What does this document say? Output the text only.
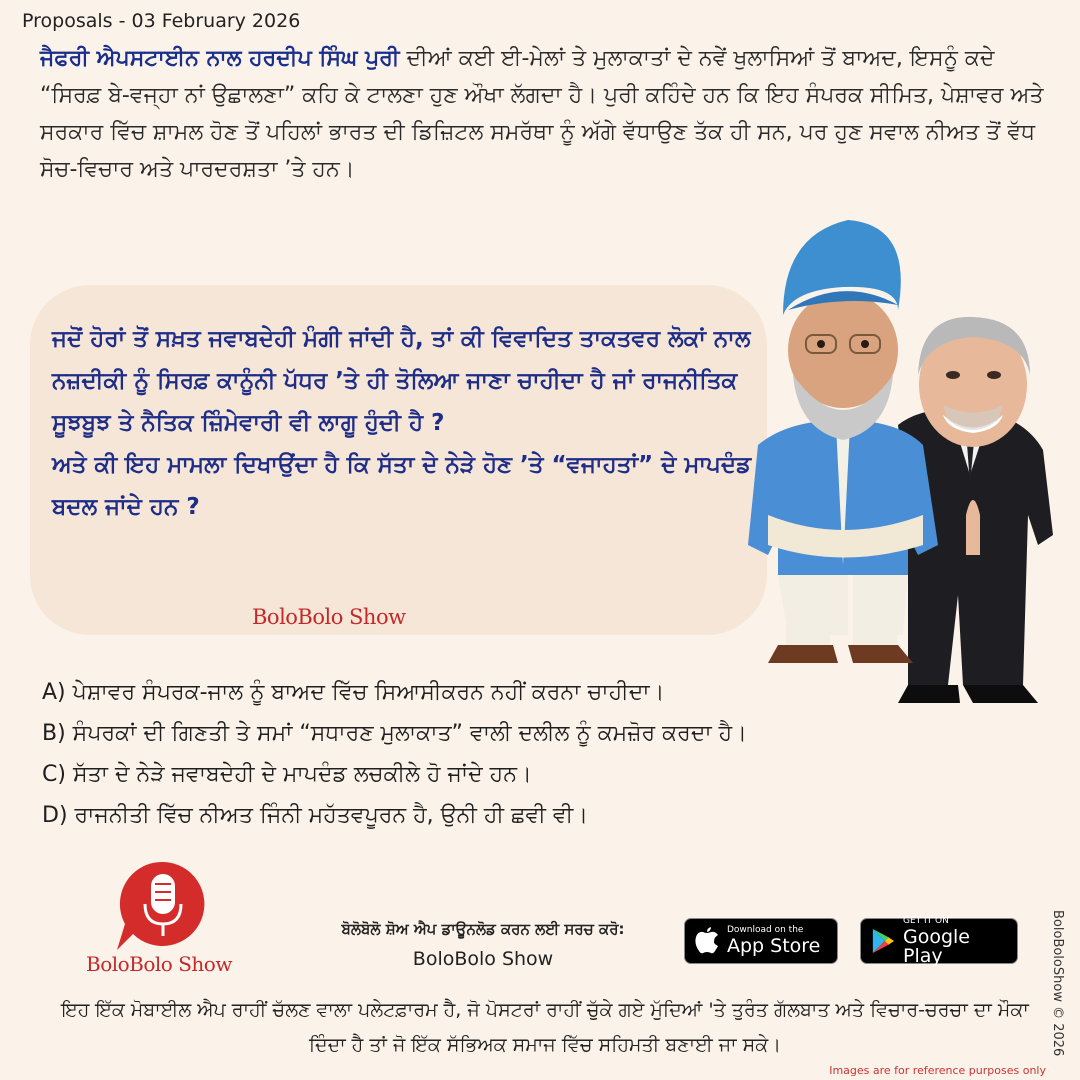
Proposals - 03 February 2026
ਜੈਫਰੀ ਐਪਸਟਾਈਨ ਨਾਲ ਹਰਦੀਪ ਸਿੰਘ ਪੁਰੀ ਦੀਆਂ ਕਈ ਈ-ਮੇਲਾਂ ਤੇ ਮੁਲਾਕਾਤਾਂ ਦੇ ਨਵੇਂ ਖੁਲਾਸਿਆਂ ਤੋਂ ਬਾਅਦ, ਇਸਨੂੰ ਕਦੇ “ਸਿਰਫ਼ ਬੇ-ਵਜ੍ਹਾ ਨਾਂ ਉਛਾਲਣਾ” ਕਹਿ ਕੇ ਟਾਲਣਾ ਹੁਣ ਔਖਾ ਲੱਗਦਾ ਹੈ। ਪੁਰੀ ਕਹਿੰਦੇ ਹਨ ਕਿ ਇਹ ਸੰਪਰਕ ਸੀਮਿਤ, ਪੇਸ਼ਾਵਰ ਅਤੇ ਸਰਕਾਰ ਵਿੱਚ ਸ਼ਾਮਲ ਹੋਣ ਤੋਂ ਪਹਿਲਾਂ ਭਾਰਤ ਦੀ ਡਿਜ਼ਿਟਲ ਸਮਰੱਥਾ ਨੂੰ ਅੱਗੇ ਵੱਧਾਉਣ ਤੱਕ ਹੀ ਸਨ, ਪਰ ਹੁਣ ਸਵਾਲ ਨੀਅਤ ਤੋਂ ਵੱਧ ਸੋਚ-ਵਿਚਾਰ ਅਤੇ ਪਾਰਦਰਸ਼ਤਾ ’ਤੇ ਹਨ।

ਜਦੋਂ ਹੋਰਾਂ ਤੋਂ ਸਖ਼ਤ ਜਵਾਬਦੇਹੀ ਮੰਗੀ ਜਾਂਦੀ ਹੈ, ਤਾਂ ਕੀ ਵਿਵਾਦਿਤ ਤਾਕਤਵਰ ਲੋਕਾਂ ਨਾਲ ਨਜ਼ਦੀਕੀ ਨੂੰ ਸਿਰਫ਼ ਕਾਨੂੰਨੀ ਪੱਧਰ ’ਤੇ ਹੀ ਤੋਲਿਆ ਜਾਣਾ ਚਾਹੀਦਾ ਹੈ ਜਾਂ ਰਾਜਨੀਤਿਕ ਸੂਝਬੂਝ ਤੇ ਨੈਤਿਕ ਜ਼ਿੰਮੇਵਾਰੀ ਵੀ ਲਾਗੂ ਹੁੰਦੀ ਹੈ ?

ਅਤੇ ਕੀ ਇਹ ਮਾਮਲਾ ਦਿਖਾਉਂਦਾ ਹੈ ਕਿ ਸੱਤਾ ਦੇ ਨੇੜੇ ਹੋਣ ’ਤੇ “ਵਜਾਹਤਾਂ” ਦੇ ਮਾਪਦੰਡ ਬਦਲ ਜਾਂਦੇ ਹਨ ?

BoloBolo Show
A) ਪੇਸ਼ਾਵਰ ਸੰਪਰਕ-ਜਾਲ ਨੂੰ ਬਾਅਦ ਵਿੱਚ ਸਿਆਸੀਕਰਨ ਨਹੀਂ ਕਰਨਾ ਚਾਹੀਦਾ।
B) ਸੰਪਰਕਾਂ ਦੀ ਗਿਣਤੀ ਤੇ ਸਮਾਂ “ਸਧਾਰਣ ਮੁਲਾਕਾਤ” ਵਾਲੀ ਦਲੀਲ ਨੂੰ ਕਮਜ਼ੋਰ ਕਰਦਾ ਹੈ।
C) ਸੱਤਾ ਦੇ ਨੇੜੇ ਜਵਾਬਦੇਹੀ ਦੇ ਮਾਪਦੰਡ ਲਚਕੀਲੇ ਹੋ ਜਾਂਦੇ ਹਨ।
D) ਰਾਜਨੀਤੀ ਵਿੱਚ ਨੀਅਤ ਜਿੰਨੀ ਮਹੱਤਵਪੂਰਨ ਹੈ, ਉਨੀ ਹੀ ਛਵੀ ਵੀ।
BoloBolo Show
ਬੋਲੋਬੋਲੋ ਸ਼ੋਅ ਐਪ ਡਾਊਨਲੋਡ ਕਰਨ ਲਈ ਸਰਚ ਕਰੋ:
BoloBolo Show
Download on the
App Store
GET IT ON
Google Play
ਇਹ ਇੱਕ ਮੋਬਾਈਲ ਐਪ ਰਾਹੀਂ ਚੱਲਣ ਵਾਲਾ ਪਲੇਟਫ਼ਾਰਮ ਹੈ, ਜੋ ਪੋਸਟਰਾਂ ਰਾਹੀਂ ਚੁੱਕੇ ਗਏ ਮੁੱਦਿਆਂ 'ਤੇ ਤੁਰੰਤ ਗੱਲਬਾਤ ਅਤੇ ਵਿਚਾਰ-ਚਰਚਾ ਦਾ ਮੌਕਾ ਦਿੰਦਾ ਹੈ ਤਾਂ ਜੋ ਇੱਕ ਸੱਭਿਅਕ ਸਮਾਜ ਵਿੱਚ ਸਹਿਮਤੀ ਬਣਾਈ ਜਾ ਸਕੇ।	BoloBoloShow © 2026
Images are for reference purposes only
